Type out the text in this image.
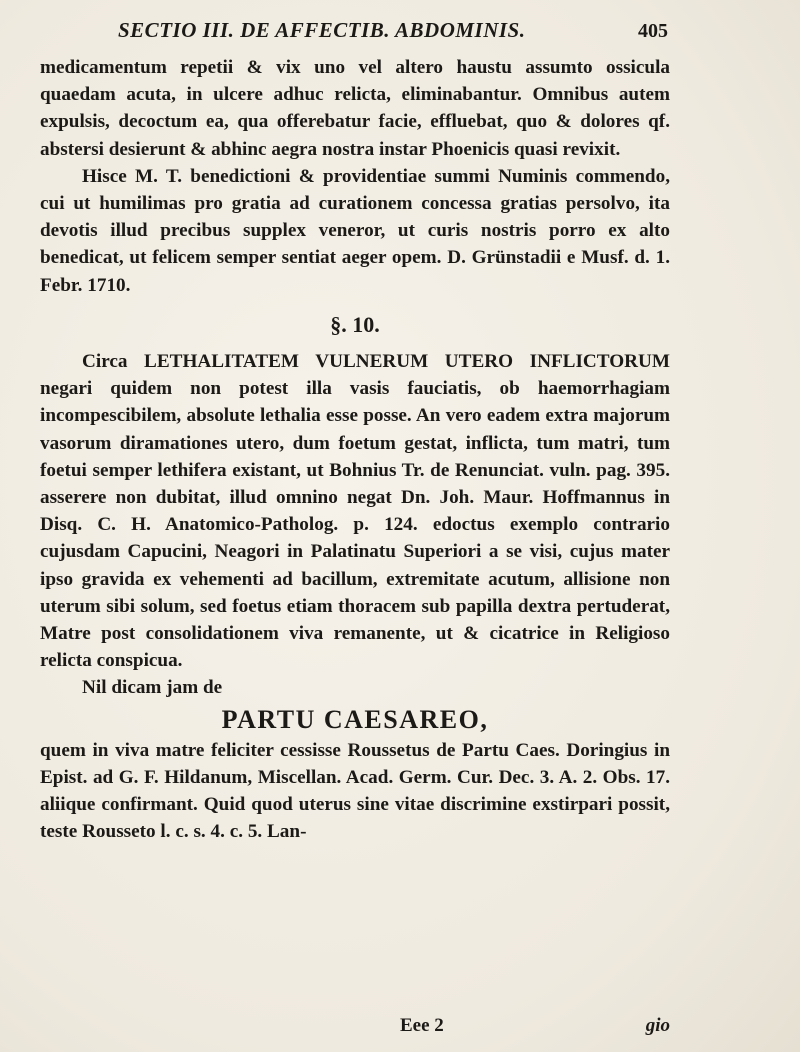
SECTIO III. DE AFFECTIB. ABDOMINIS.	405

medicamentum repetii & vix uno vel altero haustu assumto ossicula quaedam acuta, in ulcere adhuc relicta, eliminabantur. Omnibus autem expulsis, decoctum ea, qua offerebatur facie, effluebat, quo & dolores qf. abstersi desierunt & abhinc aegra nostra instar Phoenicis quasi revixit.

Hisce M. T. benedictioni & providentiae summi Numinis commendo, cui ut humilimas pro gratia ad curationem concessa gratias persolvo, ita devotis illud precibus supplex veneror, ut curis nostris porro ex alto benedicat, ut felicem semper sentiat aeger opem. D. Grünstadii e Musf. d. 1. Febr. 1710.

§. 10.

Circa LETHALITATEM VULNERUM UTERO INFLICTORUM negari quidem non potest illa vasis fauciatis, ob haemorrhagiam incompescibilem, absolute lethalia esse posse. An vero eadem extra majorum vasorum diramationes utero, dum foetum gestat, inflicta, tum matri, tum foetui semper lethifera existant, ut Bohnius Tr. de Renunciat. vuln. pag. 395. asserere non dubitat, illud omnino negat Dn. Joh. Maur. Hoffmannus in Disq. C. H. Anatomico-Patholog. p. 124. edoctus exemplo contrario cujusdam Capucini, Neagori in Palatinatu Superiori a se visi, cujus mater ipso gravida ex vehementi ad bacillum, extremitate acutum, allisione non uterum sibi solum, sed foetus etiam thoracem sub papilla dextra pertuderat, Matre post consolidationem viva remanente, ut & cicatrice in Religioso relicta conspicua.

Nil dicam jam de

PARTU CAESAREO,

quem in viva matre feliciter cessisse Roussetus de Partu Caes. Doringius in Epist. ad G. F. Hildanum, Miscellan. Acad. Germ. Cur. Dec. 3. A. 2. Obs. 17. aliique confirmant. Quid quod uterus sine vitae discrimine exstirpari possit, teste Rousseto l. c. s. 4. c. 5. Lan-

Eee 2	gio
